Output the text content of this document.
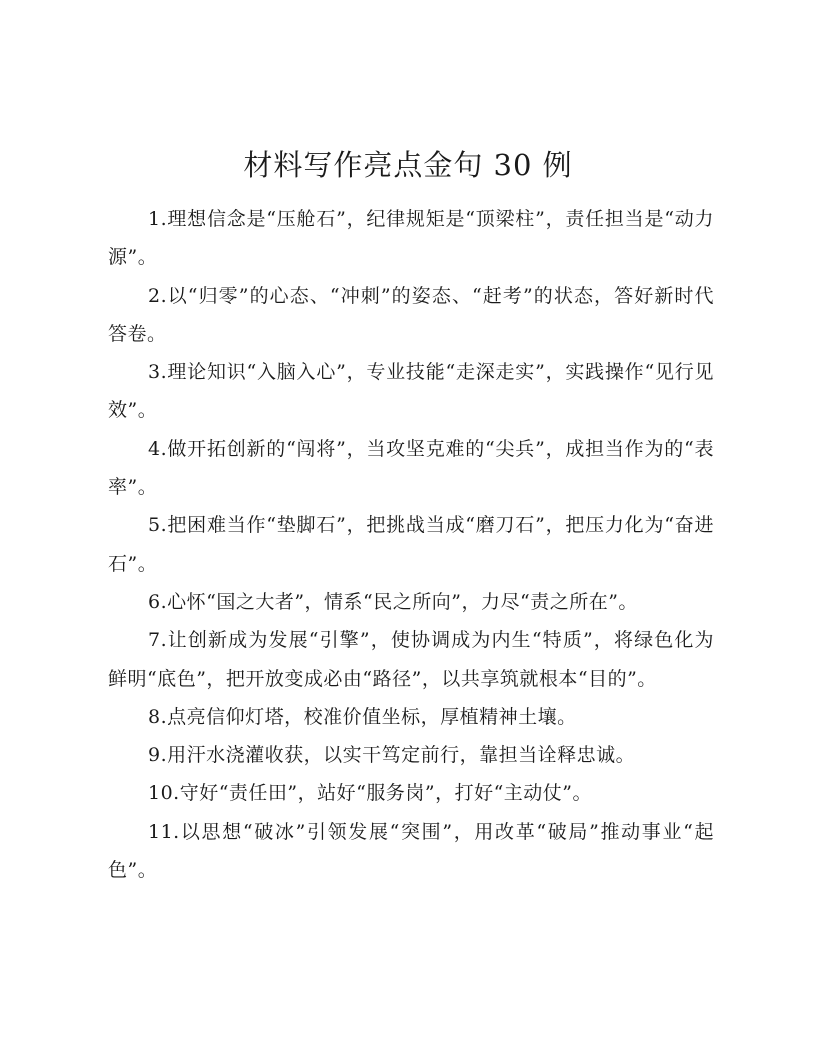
材料写作亮点金句 30 例

1.理想信念是“压舱石”，纪律规矩是“顶梁柱”，责任担当是“动力源”。

2.以“归零”的心态、“冲刺”的姿态、“赶考”的状态，答好新时代答卷。

3.理论知识“入脑入心”，专业技能“走深走实”，实践操作“见行见效”。

4.做开拓创新的“闯将”，当攻坚克难的“尖兵”，成担当作为的“表率”。

5.把困难当作“垫脚石”，把挑战当成“磨刀石”，把压力化为“奋进石”。

6.心怀“国之大者”，情系“民之所向”，力尽“责之所在”。

7.让创新成为发展“引擎”，使协调成为内生“特质”，将绿色化为鲜明“底色”，把开放变成必由“路径”，以共享筑就根本“目的”。

8.点亮信仰灯塔，校准价值坐标，厚植精神土壤。

9.用汗水浇灌收获，以实干笃定前行，靠担当诠释忠诚。

10.守好“责任田”，站好“服务岗”，打好“主动仗”。

11.以思想“破冰”引领发展“突围”，用改革“破局”推动事业“起色”。
